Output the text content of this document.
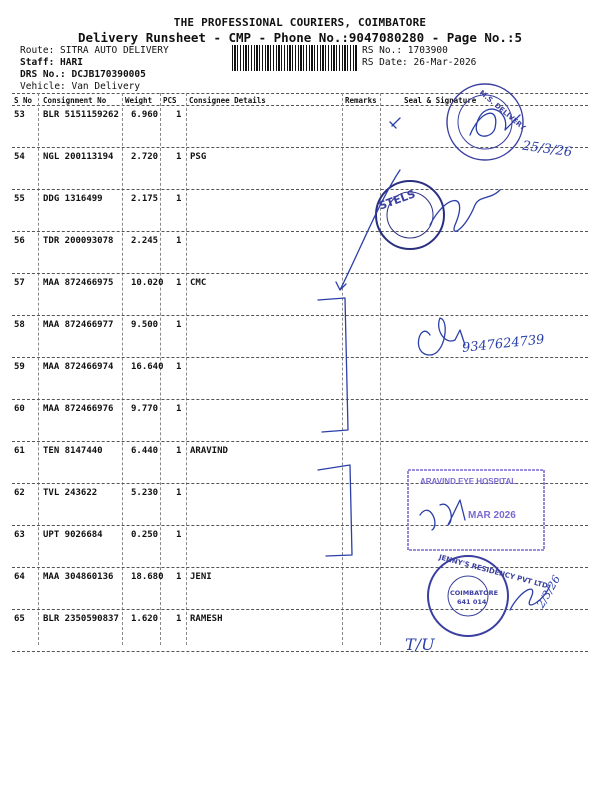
THE PROFESSIONAL COURIERS, COIMBATORE
Delivery Runsheet - CMP - Phone No.:9047080280 - Page No.:5
Route: SITRA AUTO DELIVERY
Staff: HARI
DRS No.: DCJB170390005
Vehicle: Van Delivery
RS No.: 1703900
RS Date: 26-Mar-2026
S No Consignment No	Weight PCS Consignee Details	Remarks	Seal & Signature
53 BLR 5151159262 6.960 1
54 NGL 200113194 2.720 1 PSG
55 DDG 1316499	2.175 1
56 TDR 200093078 2.245 1
57 MAA 872466975 10.020 1 CMC
58 MAA 872466977 9.500 1
59 MAA 872466974 16.640 1
60 MAA 872466976 9.770 1
61 TEN 8147440	6.440 1 ARAVIND
62 TVL 243622	5.230 1
63 UPT 9026684	0.250 1
64 MAA 304860136 18.680 1 JENI
65 BLR 2350590837 1.620 1 RAMESH
M.S. DELIVERY
25/3/26
STELS
9347624739
ARAVIND EYE HOSPITAL
MAR 2026
JENNY'S RESIDENCY PVT LTD
COIMBATORE
641 014	2/3/26
T/U
